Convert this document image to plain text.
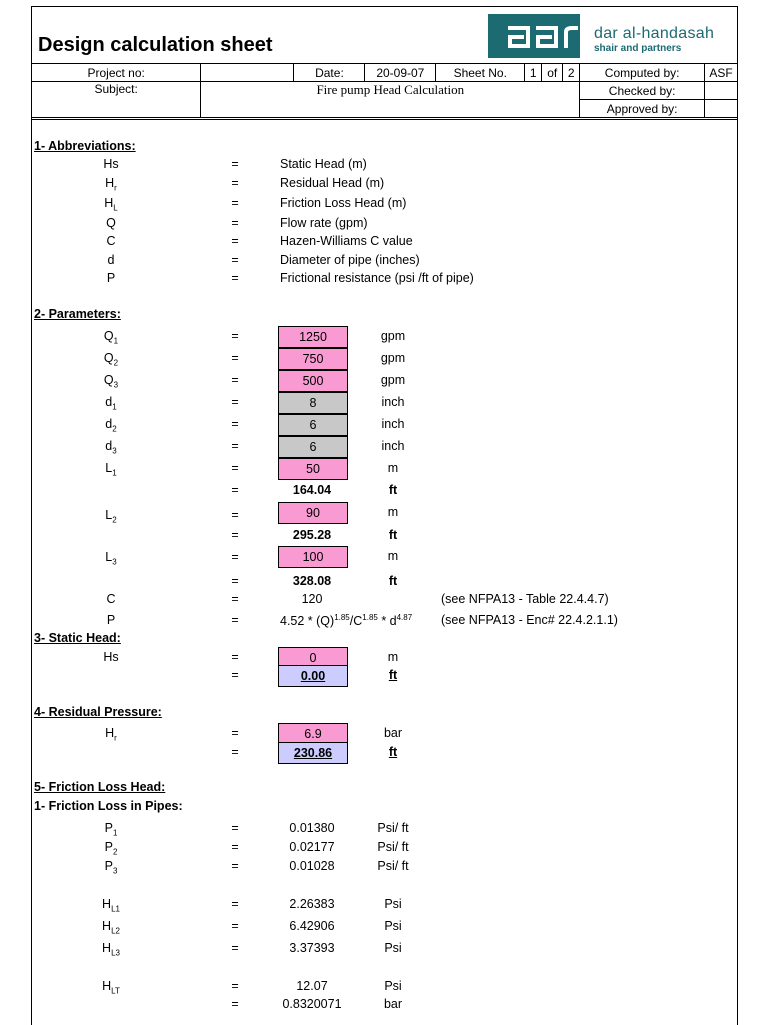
Design calculation sheet
dar al-handasah
shair and partners
Project no:		Date:	20-09-07	Sheet No.	1	of	2	Computed by:	ASF
Subject:	Fire pump Head Calculation							Checked by:	
								Approved by:	
1- Abbreviations:
Hs	=	Static Head (m)
$H_r$	=	Residual Head (m)
$H_L$	=	Friction Loss Head (m)
Q	=	Flow rate (gpm)
C	=	Hazen-Williams C value
d	=	Diameter of pipe (inches)
P	=	Frictional resistance (psi /ft of pipe)
2- Parameters:
$Q_1$	=	1250	gpm
$Q_2$	=	750	gpm
$Q_3$	=	500	gpm
$d_1$	=	8	inch
$d_2$	=	6	inch
$d_3$	=	6	inch
$L_1$	=	50	m
=	164.04	ft
$L_2$	=	90	m
=	295.28	ft
$L_3$	=	100	m
=	328.08	ft
C	=	120	(see NFPA13 - Table 22.4.4.7)
P	=	$4.52 * (Q)^{1.85}/C^{1.85} * d^{4.87}$ (see NFPA13 - Enc# 22.4.2.1.1)
3- Static Head:
Hs	=	0	m
=	0.00	ft
4- Residual Pressure:
$H_r$	=	6.9	bar
=	230.86	ft
5- Friction Loss Head:
1- Friction Loss in Pipes:
$P_1$	=	0.01380	Psi/ ft
$P_2$	=	0.02177	Psi/ ft
$P_3$	=	0.01028	Psi/ ft
$H_{L1}$	=	2.26383	Psi
$H_{L2}$	=	6.42906	Psi
$H_{L3}$	=	3.37393	Psi
$H_{LT}$	=	12.07	Psi
=	0.8320071	bar
